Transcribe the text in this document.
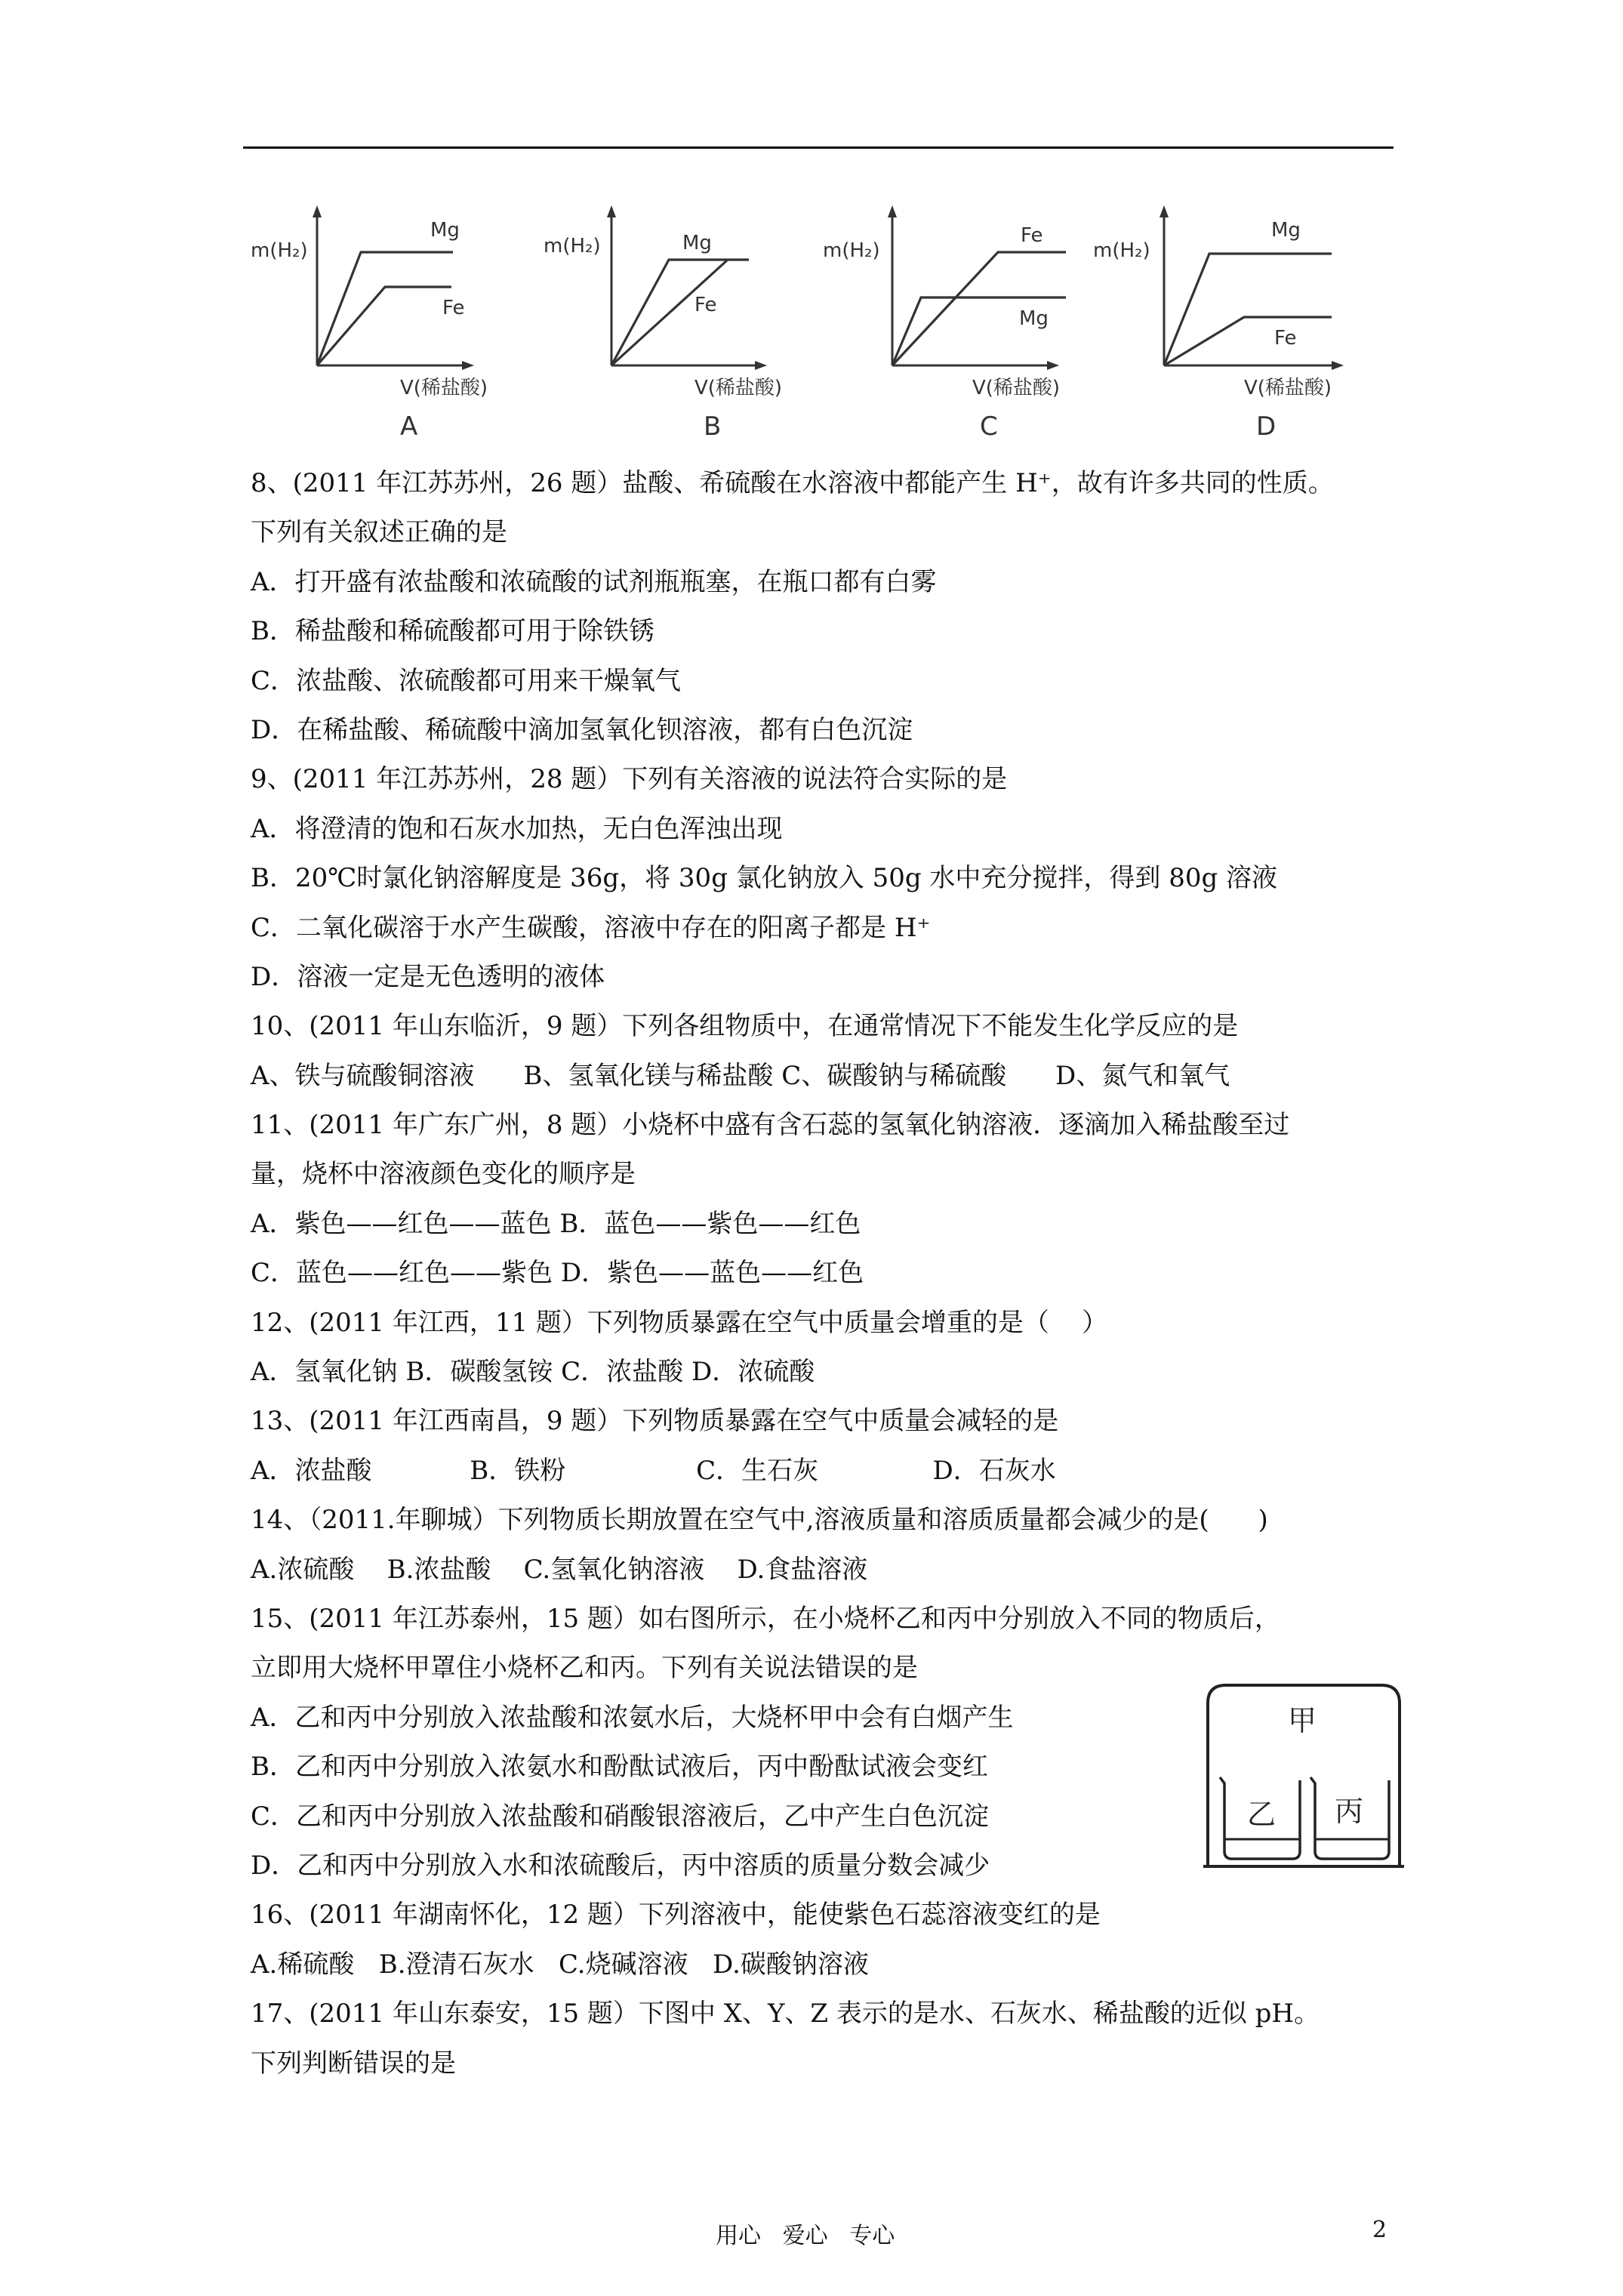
m(H₂)
Mg
Fe
V(稀盐酸)
A
m(H₂)	Mg
Fe
V(稀盐酸)
B
m(H₂)
Fe
Mg
V(稀盐酸)
C
m(H₂)
Mg
Fe
V(稀盐酸)
D
8、(2011 年江苏苏州，26 题）盐酸、希硫酸在水溶液中都能产生 H⁺，故有许多共同的性质。
下列有关叙述正确的是
A．打开盛有浓盐酸和浓硫酸的试剂瓶瓶塞，在瓶口都有白雾
B．稀盐酸和稀硫酸都可用于除铁锈
C．浓盐酸、浓硫酸都可用来干燥氧气
D．在稀盐酸、稀硫酸中滴加氢氧化钡溶液，都有白色沉淀
9、(2011 年江苏苏州，28 题）下列有关溶液的说法符合实际的是
A．将澄清的饱和石灰水加热，无白色浑浊出现
B．20℃时氯化钠溶解度是 36g，将 30g 氯化钠放入 50g 水中充分搅拌，得到 80g 溶液
C．二氧化碳溶于水产生碳酸，溶液中存在的阳离子都是 H⁺
D．溶液一定是无色透明的液体
10、(2011 年山东临沂，9 题）下列各组物质中，在通常情况下不能发生化学反应的是
A、铁与硫酸铜溶液      B、氢氧化镁与稀盐酸 C、碳酸钠与稀硫酸      D、氮气和氧气
11、(2011 年广东广州，8 题）小烧杯中盛有含石蕊的氢氧化钠溶液．逐滴加入稀盐酸至过
量，烧杯中溶液颜色变化的顺序是
A．紫色——红色——蓝色 B．蓝色——紫色——红色
C．蓝色——红色——紫色 D．紫色——蓝色——红色
12、(2011 年江西，11 题）下列物质暴露在空气中质量会增重的是（    ）
A．氢氧化钠 B．碳酸氢铵 C．浓盐酸 D．浓硫酸
13、(2011 年江西南昌，9 题）下列物质暴露在空气中质量会减轻的是
A．浓盐酸            B．铁粉                C．生石灰              D．石灰水
14、（2011.年聊城）下列物质长期放置在空气中,溶液质量和溶质质量都会减少的是(      )
A.浓硫酸    B.浓盐酸    C.氢氧化钠溶液    D.食盐溶液
15、(2011 年江苏泰州，15 题）如右图所示，在小烧杯乙和丙中分别放入不同的物质后，
立即用大烧杯甲罩住小烧杯乙和丙。下列有关说法错误的是
A．乙和丙中分别放入浓盐酸和浓氨水后，大烧杯甲中会有白烟产生
B．乙和丙中分别放入浓氨水和酚酞试液后，丙中酚酞试液会变红
C．乙和丙中分别放入浓盐酸和硝酸银溶液后，乙中产生白色沉淀
D．乙和丙中分别放入水和浓硫酸后，丙中溶质的质量分数会减少
16、(2011 年湖南怀化，12 题）下列溶液中，能使紫色石蕊溶液变红的是
A.稀硫酸   B.澄清石灰水   C.烧碱溶液   D.碳酸钠溶液
17、(2011 年山东泰安，15 题）下图中 X、Y、Z 表示的是水、石灰水、稀盐酸的近似 pH。
下列判断错误的是
甲
乙 丙
用心   爱心   专心	2
